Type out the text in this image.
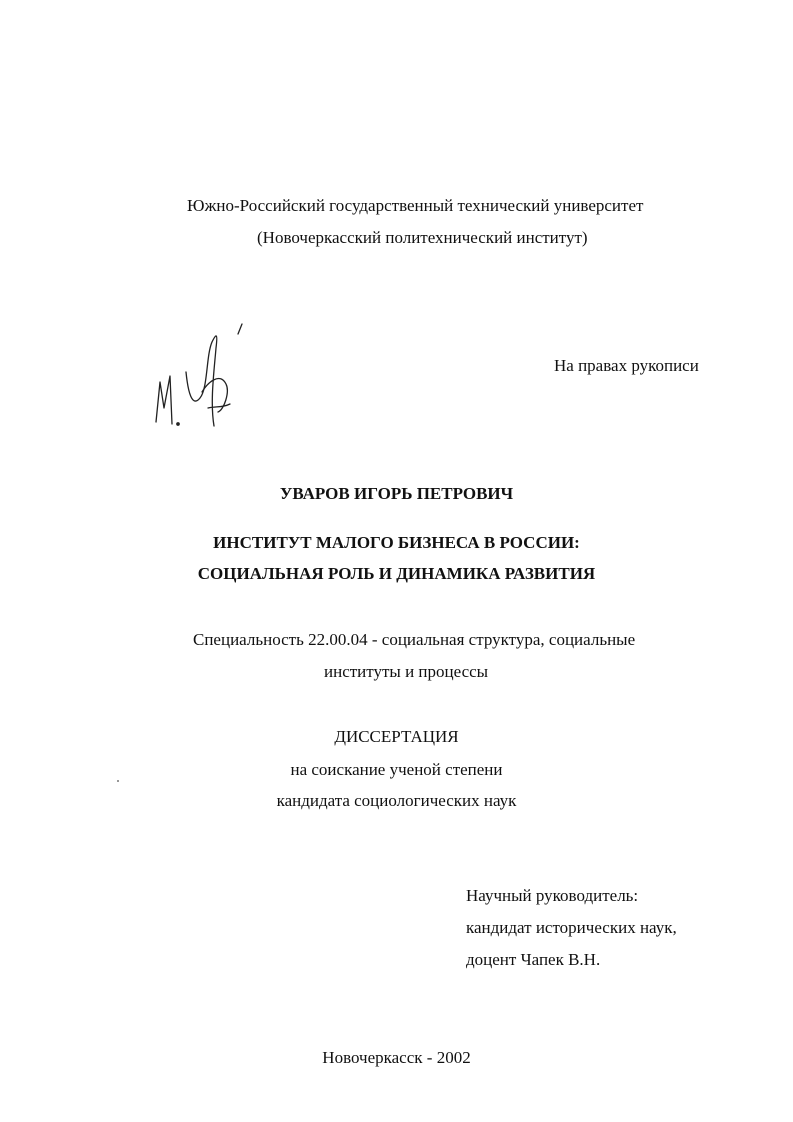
Южно-Российский государственный технический университет
(Новочеркасский политехнический институт)
На правах рукописи
УВАРОВ ИГОРЬ ПЕТРОВИЧ
ИНСТИТУТ МАЛОГО БИЗНЕСА В РОССИИ:
СОЦИАЛЬНАЯ РОЛЬ И ДИНАМИКА РАЗВИТИЯ
Специальность 22.00.04 - социальная структура, социальные
институты и процессы
ДИССЕРТАЦИЯ
на соискание ученой степени
кандидата социологических наук
Научный руководитель:
кандидат исторических наук,
доцент Чапек В.Н.
Новочеркасск - 2002
